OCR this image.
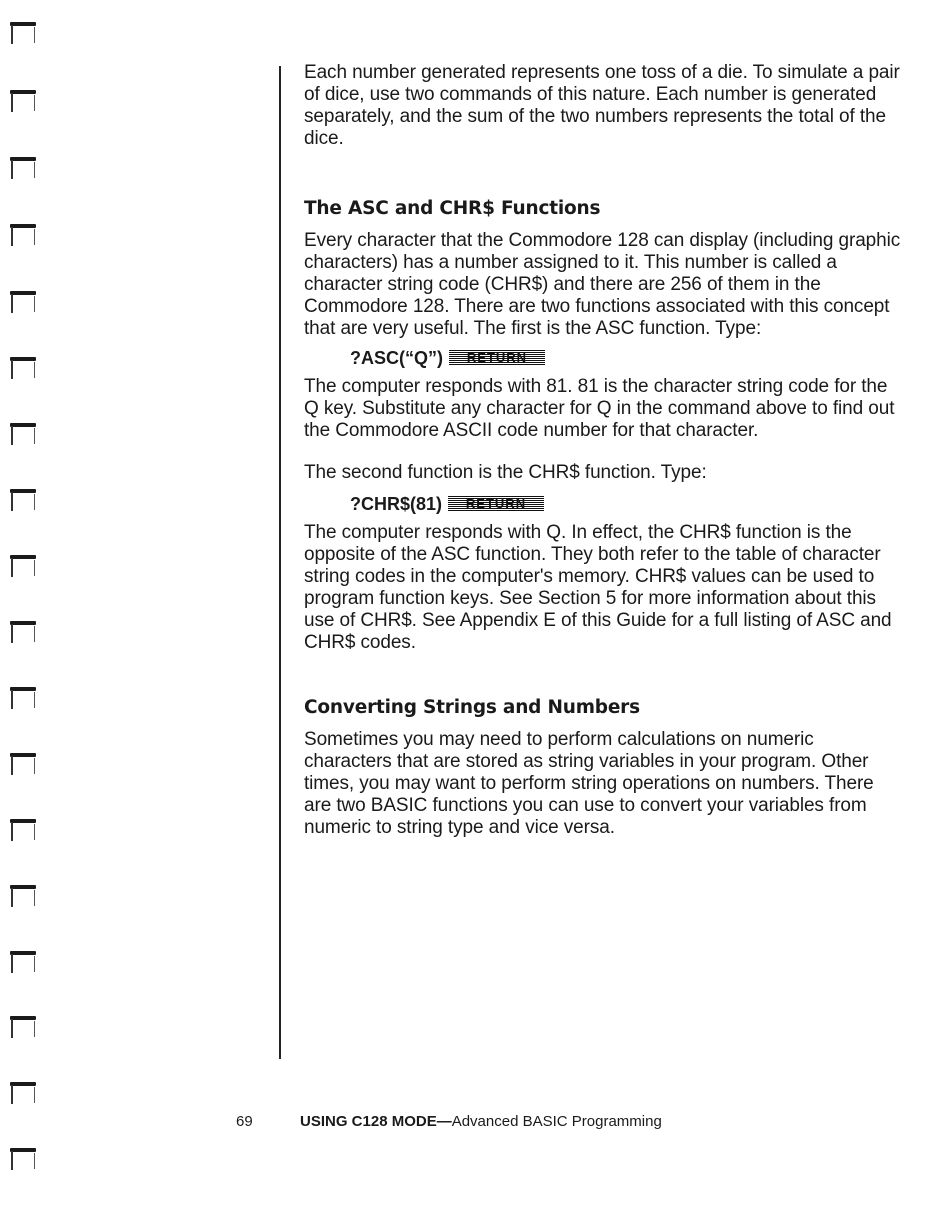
Each number generated represents one toss of a die. To simulate a pair of dice, use two commands of this nature. Each number is generated separately, and the sum of the two numbers represents the total of the dice.

The ASC and CHR$ Functions

Every character that the Commodore 128 can display (including graphic characters) has a number assigned to it. This number is called a character string code (CHR$) and there are 256 of them in the Commodore 128. There are two functions associated with this concept that are very useful. The first is the ASC function. Type:

?ASC(“Q”)	RETURN

The computer responds with 81. 81 is the character string code for the Q key. Substitute any character for Q in the command above to find out the Commodore ASCII code number for that character.

The second function is the CHR$ function. Type:

?CHR$(81)	RETURN

The computer responds with Q. In effect, the CHR$ function is the opposite of the ASC function. They both refer to the table of character string codes in the computer's memory. CHR$ values can be used to program function keys. See Section 5 for more information about this use of CHR$. See Appendix E of this Guide for a full listing of ASC and CHR$ codes.

Converting Strings and Numbers

Sometimes you may need to perform calculations on numeric characters that are stored as string variables in your program. Other times, you may want to perform string operations on numbers. There are two BASIC functions you can use to convert your variables from numeric to string type and vice versa.

69	USING C128 MODE—Advanced BASIC Programming
